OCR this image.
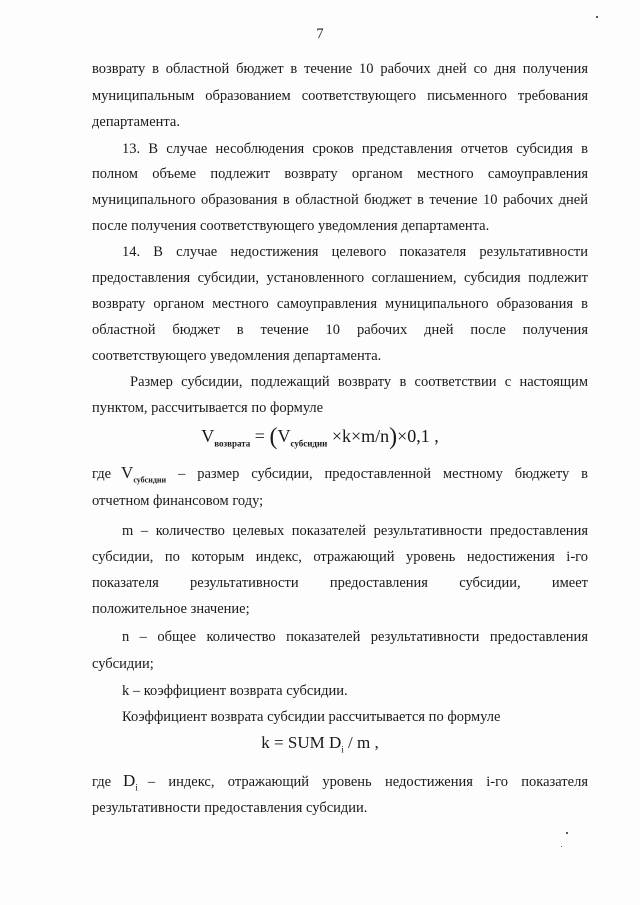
7
возврату в областной бюджет в течение 10 рабочих дней со дня получения
муниципальным образованием соответствующего письменного требования
департамента.
13. В случае несоблюдения сроков представления отчетов субсидия в
полном объеме подлежит возврату органом местного самоуправления
муниципального образования в областной бюджет в течение 10 рабочих дней
после получения соответствующего уведомления департамента.
14. В случае недостижения целевого показателя результативности
предоставления субсидии, установленного соглашением, субсидия подлежит
возврату органом местного самоуправления муниципального образования в
областной бюджет в течение 10 рабочих дней после получения
соответствующего уведомления департамента.
Размер субсидии, подлежащий возврату в соответствии с настоящим
пунктом, рассчитывается по формуле
$V_{возврата} = (V_{субсидии} \times k\times m/n)\times 0,1$ ,
где $V_{субсидии}$ – размер субсидии, предоставленной местному бюджету в
отчетном финансовом году;
m – количество целевых показателей результативности предоставления
субсидии, по которым индекс, отражающий уровень недостижения i-го
показателя результативности предоставления субсидии, имеет
положительное значение;
n – общее количество показателей результативности предоставления
субсидии;
k – коэффициент возврата субсидии.
Коэффициент возврата субсидии рассчитывается по формуле
k = SUM $D_i$ / m ,
где $D_i$ – индекс, отражающий уровень недостижения i-го показателя
результативности предоставления субсидии.
